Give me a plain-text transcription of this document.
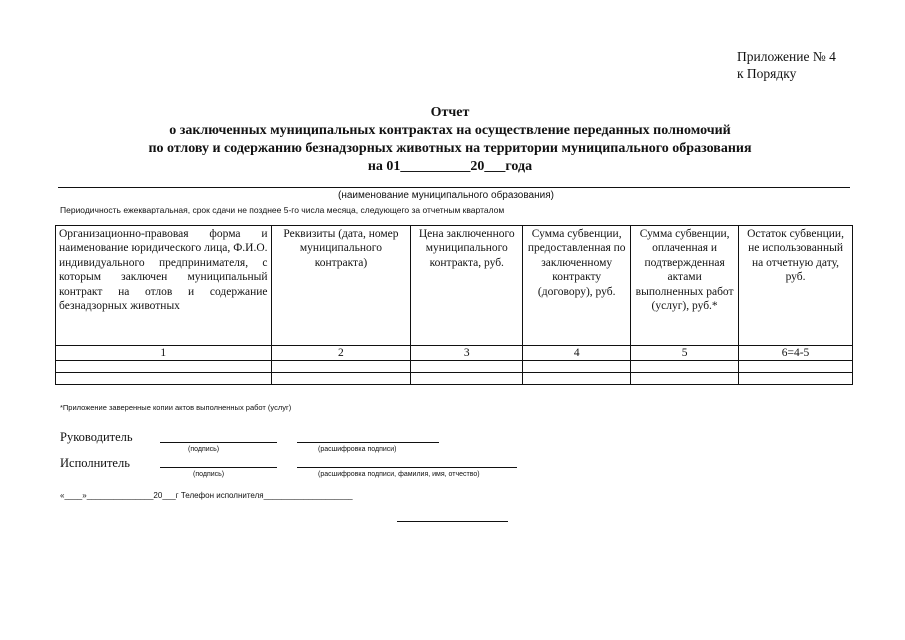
Приложение № 4
к Порядку
Отчет
о заключенных муниципальных контрактах на осуществление переданных полномочий
по отлову и содержанию безнадзорных животных на территории муниципального образования
на 01__________20___года
(наименование муниципального образования)
Периодичность ежеквартальная, срок сдачи не позднее 5-го числа месяца, следующего за отчетным кварталом
Организационно-правовая форма и наименование юридического лица, Ф.И.О. индивидуального предпринимателя, с которым заключен муниципальный контракт на отлов и содержание безнадзорных животных	Реквизиты (дата, номер муниципального контракта)	Цена заключенного муниципального контракта, руб.	Сумма субвенции, предоставленная по заключенному контракту (договору), руб.	Сумма субвенции, оплаченная и подтвержденная актами выполненных работ (услуг), руб.*	Остаток субвенции, не использованный на отчетную дату, руб.
1	2	3	4	5	6=4-5

*Приложение заверенные копии актов выполненных работ (услуг)
Руководитель
(подпись)	(расшифровка подписи)
Исполнитель
(подпись)	(расшифровка подписи, фамилия, имя, отчество)
«____»_______________20___г Телефон исполнителя____________________
